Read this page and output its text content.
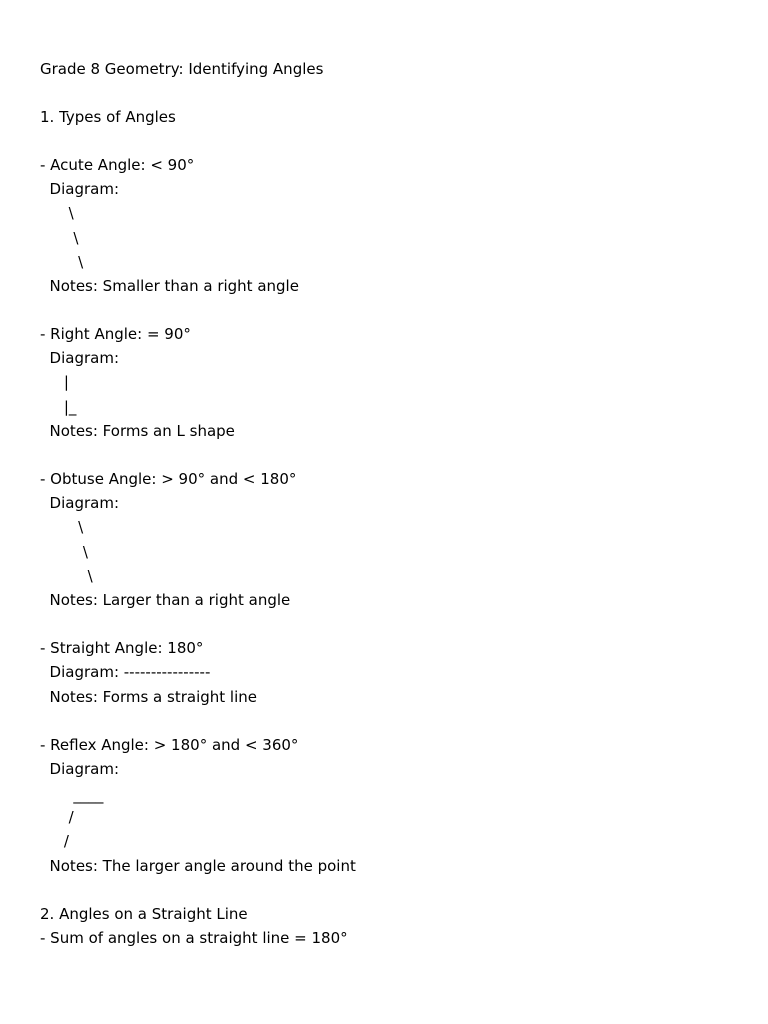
Grade 8 Geometry: Identifying Angles
1. Types of Angles
- Acute Angle: < 90°
Diagram:
\
\
\
Notes: Smaller than a right angle
- Right Angle: = 90°
Diagram:
|
|_
Notes: Forms an L shape
- Obtuse Angle: > 90° and < 180°
Diagram:
\
\
\
Notes: Larger than a right angle
- Straight Angle: 180°
Diagram: ----------------
Notes: Forms a straight line
- Reflex Angle: > 180° and < 360°
Diagram:
____
/
/
Notes: The larger angle around the point
2. Angles on a Straight Line
- Sum of angles on a straight line = 180°
